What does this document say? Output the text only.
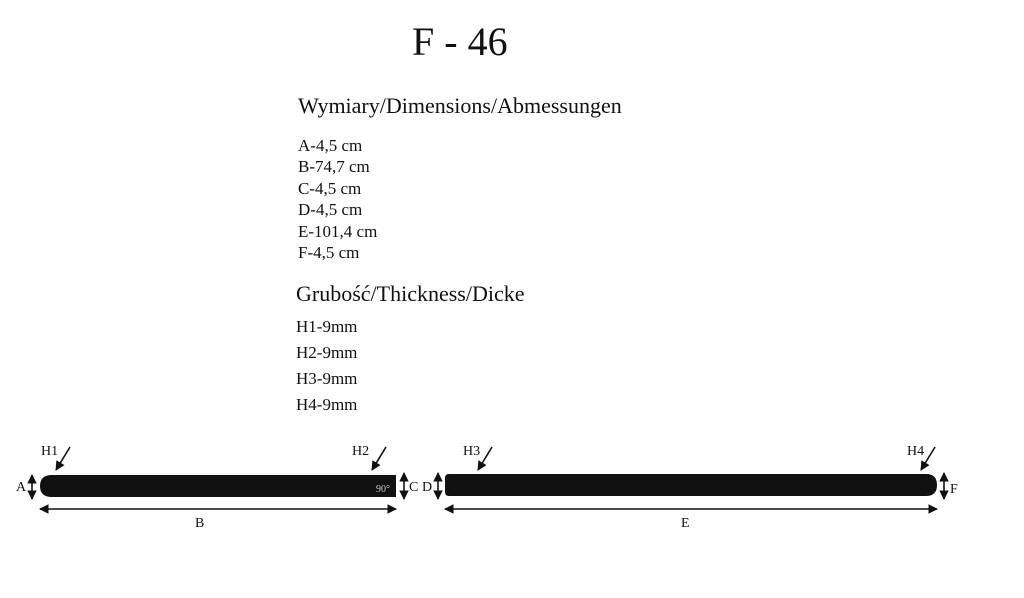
F - 46
Wymiary/Dimensions/Abmessungen
A-4,5 cm
B-74,7 cm
C-4,5 cm
D-4,5 cm
E-101,4 cm
F-4,5 cm
Grubość/Thickness/Dicke
H1-9mm
H2-9mm
H3-9mm
H4-9mm
H1	H2
90°
A	C
B
D
H3	H4
F
E
